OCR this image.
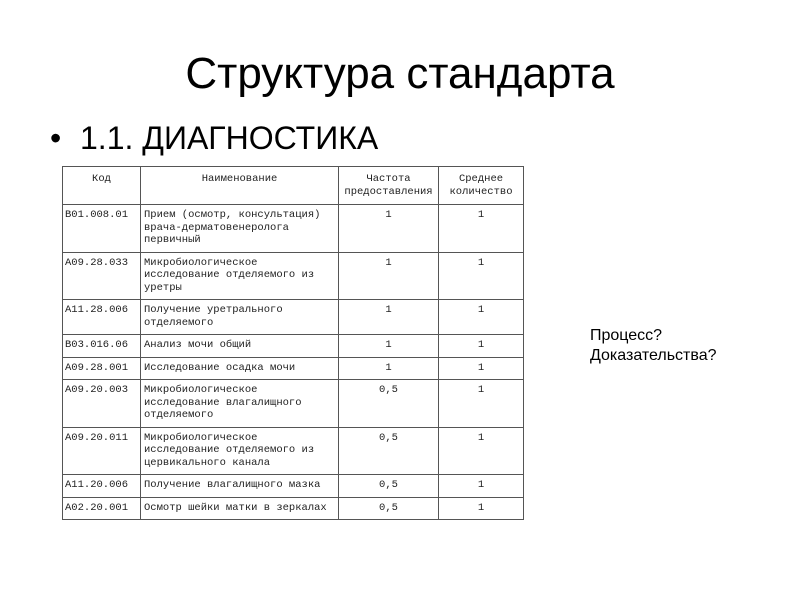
Структура стандарта
• 1.1. ДИАГНОСТИКА
Код	Наименование	Частота предоставления	Среднее количество
B01.008.01	Прием (осмотр, консультация) врача-дерматовенеролога первичный	1	1
A09.28.033	Микробиологическое исследование отделяемого из уретры	1	1
A11.28.006	Получение уретрального отделяемого	1	1
B03.016.06	Анализ мочи общий	1	1
A09.28.001	Исследование осадка мочи	1	1
A09.20.003	Микробиологическое исследование влагалищного отделяемого	0,5	1
A09.20.011	Микробиологическое исследование отделяемого из цервикального канала	0,5	1
A11.20.006	Получение влагалищного мазка	0,5	1
A02.20.001	Осмотр шейки матки в зеркалах	0,5	1
Процесс?
Доказательства?
